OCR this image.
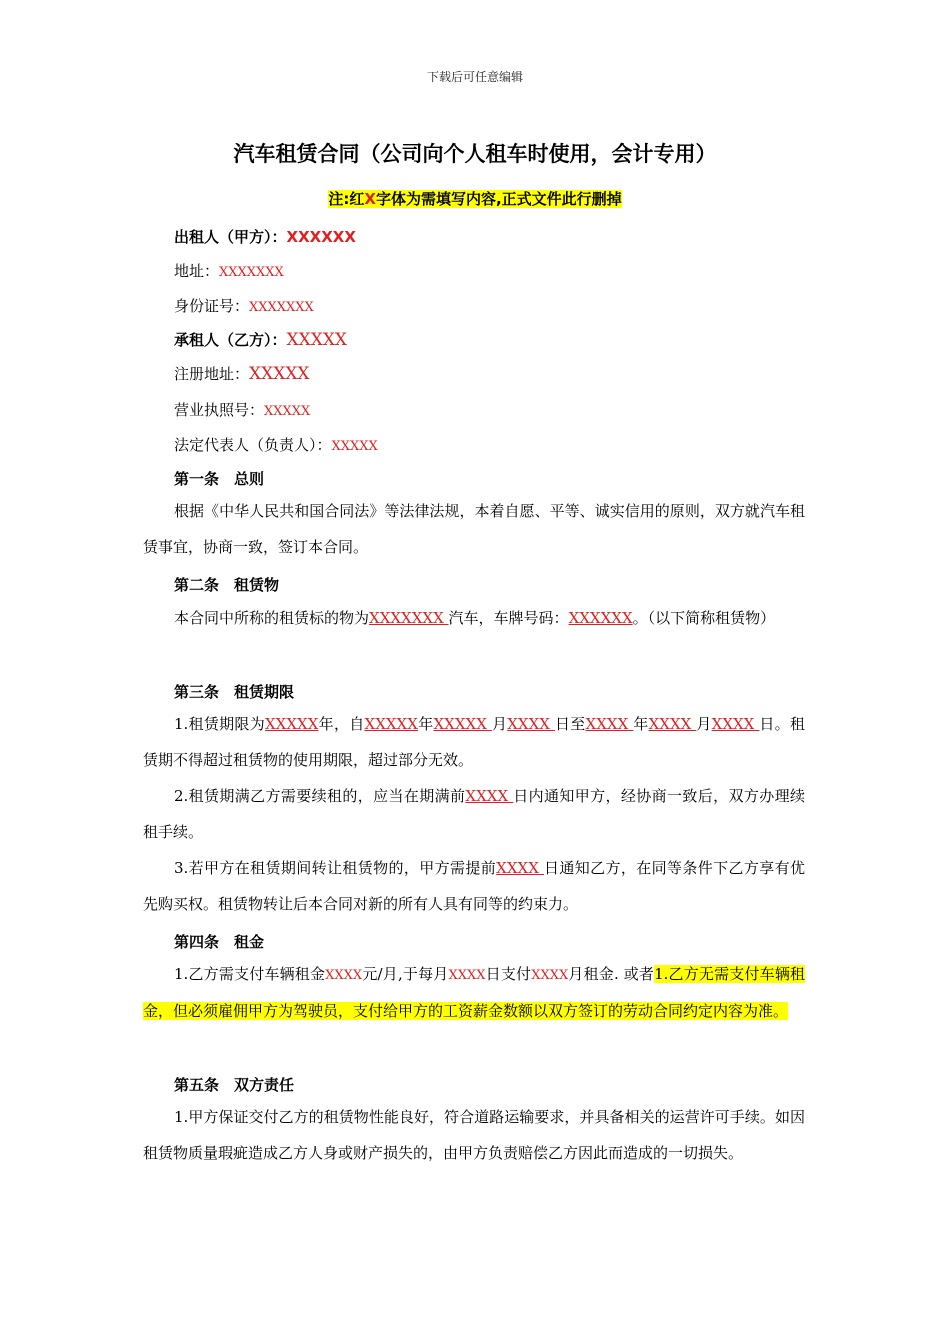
下载后可任意编辑
汽车租赁合同（公司向个人租车时使用，会计专用）
注:红X字体为需填写内容,正式文件此行删掉
出租人（甲方）：XXXXXX
地址：XXXXXXX
身份证号：XXXXXXX
承租人（乙方）：XXXXX
注册地址：XXXXX
营业执照号：XXXXX
法定代表人（负责人）：XXXXX
第一条　总则
根据《中华人民共和国合同法》等法律法规，本着自愿、平等、诚实信用的原则，双方就汽车租赁事宜，协商一致，签订本合同。
第二条　租赁物
本合同中所称的租赁标的物为XXXXXXX 汽车，车牌号码：XXXXXX。（以下简称租赁物）
第三条　租赁期限
1.租赁期限为XXXXX年，自XXXXX年XXXXX 月XXXX 日至XXXX 年XXXX 月XXXX 日。租赁期不得超过租赁物的使用期限，超过部分无效。
2.租赁期满乙方需要续租的，应当在期满前XXXX 日内通知甲方，经协商一致后，双方办理续租手续。
3.若甲方在租赁期间转让租赁物的，甲方需提前XXXX 日通知乙方，在同等条件下乙方享有优先购买权。租赁物转让后本合同对新的所有人具有同等的约束力。
第四条　租金
1.乙方需支付车辆租金XXXX元/月,于每月XXXX日支付XXXX月租金. 或者1.乙方无需支付车辆租金，但必须雇佣甲方为驾驶员，支付给甲方的工资薪金数额以双方签订的劳动合同约定内容为准。
第五条　双方责任
1.甲方保证交付乙方的租赁物性能良好，符合道路运输要求，并具备相关的运营许可手续。如因租赁物质量瑕疵造成乙方人身或财产损失的，由甲方负责赔偿乙方因此而造成的一切损失。
